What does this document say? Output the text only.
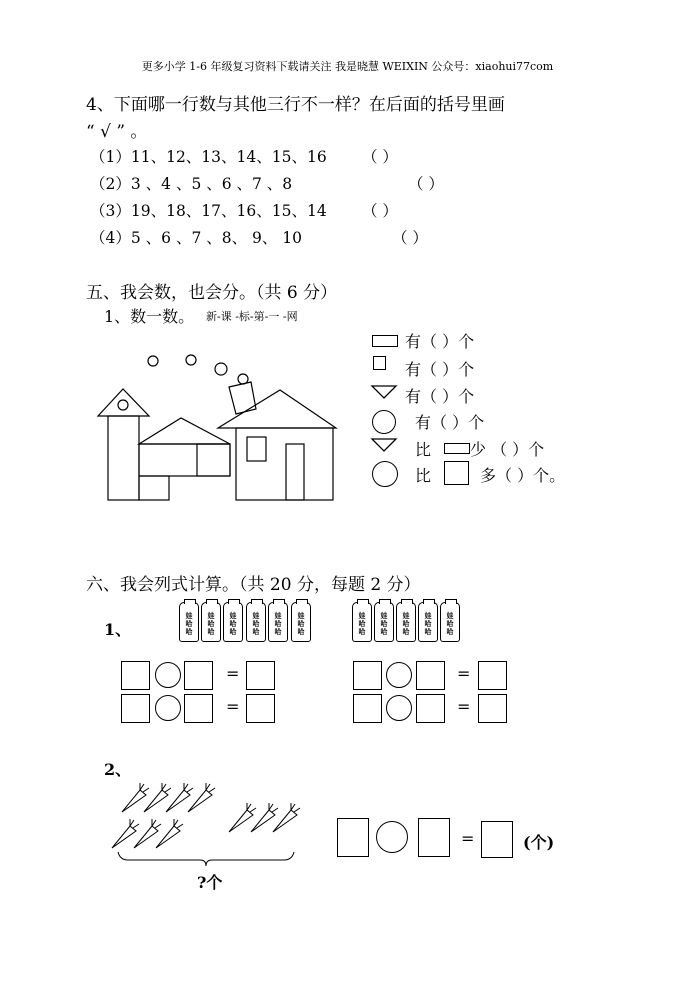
更多小学 1-6 年级复习资料下载请关注 我是晓慧 WEIXIN 公众号：xiaohui77com
4、下面哪一行数与其他三行不一样？在后面的括号里画
“ √ ” 。
（1）11、12、13、14、15、16 （ ）
（2）3 、4 、5 、6 、7 、8	（ ）
（3）19、18、17、16、15、14 （ ）
（4）5 、6 、7 、8、 9、 10	（ ）
五、我会数，也会分。（共 6 分）
1、数一数。 新-课 -标-第-一 -网
有（ ）个
有（ ）个
有（ ）个
有（ ）个
比 少 （ ）个
比	多（ ）个。
六、我会列式计算。（共 20 分，每题 2 分）
1、
娃
哈
哈
娃
哈
哈
娃
哈
哈
娃
哈
哈
娃
哈
哈
娃
哈
哈
娃
哈
哈
娃
哈
哈
娃
哈
哈
娃
哈
哈
娃
哈
哈
=
=
=
=
2、
?个
=	(个)
